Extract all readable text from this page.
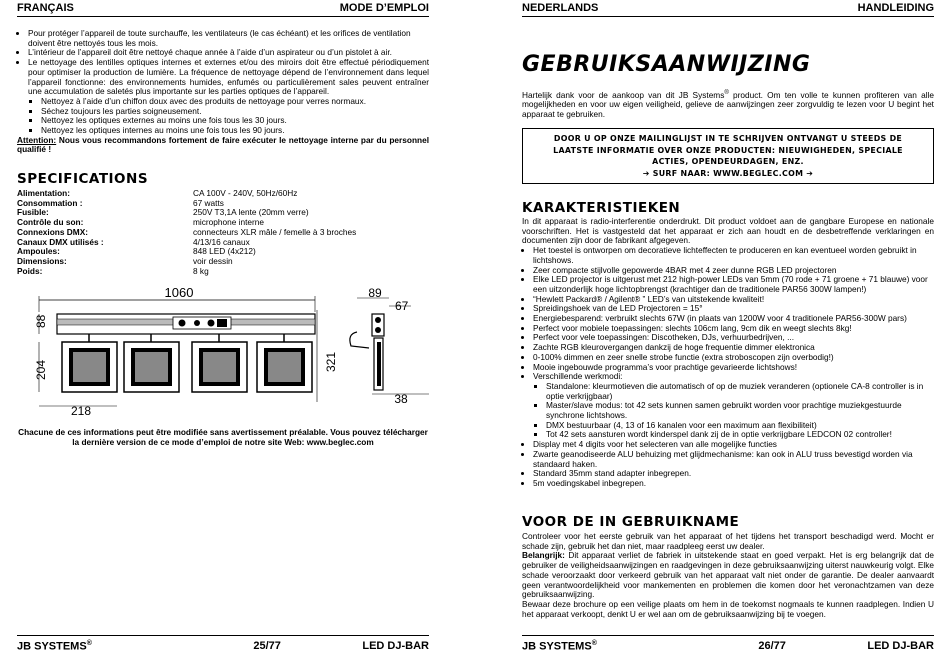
FRANÇAIS	MODE D’EMPLOI
• Pour protéger l’appareil de toute surchauffe, les ventilateurs (le cas échéant) et les orifices de ventilation doivent être nettoyés tous les mois.
• L’intérieur de l’appareil doit être nettoyé chaque année à l’aide d’un aspirateur ou d’un pistolet à air.
• Le nettoyage des lentilles optiques internes et externes et/ou des miroirs doit être effectué périodiquement pour optimiser la production de lumière. La fréquence de nettoyage dépend de l’environnement dans lequel l’appareil fonctionne: des environnements humides, enfumés ou particulièrement sales peuvent entraîner une accumulation de saletés plus importante sur les parties optiques de l’appareil.
▪ Nettoyez à l’aide d’un chiffon doux avec des produits de nettoyage pour verres normaux.
▪ Séchez toujours les parties soigneusement.
▪ Nettoyez les optiques externes au moins une fois tous les 30 jours.
▪ Nettoyez les optiques internes au moins une fois tous les 90 jours.
Attention: Nous vous recommandons fortement de faire exécuter le nettoyage interne par du personnel qualifié !
SPECIFICATIONS
Alimentation:	CA 100V - 240V, 50Hz/60Hz
Consommation :	67 watts
Fusible:	250V T3,1A lente (20mm verre)
Contrôle du son:	microphone interne
Connexions DMX:	connecteurs XLR mâle / femelle à 3 broches
Canaux DMX utilisés :	4/13/16 canaux
Ampoules:	848 LED (4x212)
Dimensions:	voir dessin
Poids:	8 kg
1060
88
204
218
321
89
67
38
Chacune de ces informations peut être modifiée sans avertissement préalable. Vous pouvez télécharger la dernière version de ce mode d’emploi de notre site Web: www.beglec.com
JB SYSTEMS®	25/77	LED DJ-BAR
NEDERLANDS	HANDLEIDING
GEBRUIKSAANWIJZING
Hartelijk dank voor de aankoop van dit JB Systems® product. Om ten volle te kunnen profiteren van alle mogelijkheden en voor uw eigen veiligheid, gelieve de aanwijzingen zeer zorgvuldig te lezen voor U begint het apparaat te gebruiken.
DOOR U OP ONZE MAILINGLIJST IN TE SCHRIJVEN ONTVANGT U STEEDS DE
LAATSTE INFORMATIE OVER ONZE PRODUCTEN: NIEUWIGHEDEN, SPECIALE
ACTIES, OPENDEURDAGEN, ENZ.
➔ SURF NAAR: WWW.BEGLEC.COM ➔
KARAKTERISTIEKEN
In dit apparaat is radio-interferentie onderdrukt. Dit product voldoet aan de gangbare Europese en nationale voorschriften. Het is vastgesteld dat het apparaat er zich aan houdt en de desbetreffende verklaringen en documenten zijn door de fabrikant afgegeven.
• Het toestel is ontworpen om decoratieve lichteffecten te produceren en kan eventueel worden gebruikt in lichtshows.
• Zeer compacte stijlvolle gepowerde 4BAR met 4 zeer dunne RGB LED projectoren
• Elke LED projector is uitgerust met 212 high-power LEDs van 5mm (70 rode + 71 groene + 71 blauwe) voor een uitzonderlijk hoge lichtopbrengst (krachtiger dan de traditionele PAR56 300W lampen!)
• “Hewlett Packard® / Agilent® ” LED’s van uitstekende kwaliteit!
• Spreidingshoek van de LED Projectoren = 15°
• Energiebesparend: verbruikt slechts 67W (in plaats van 1200W voor 4 traditionele PAR56-300W pars)
• Perfect voor mobiele toepassingen: slechts 106cm lang, 9cm dik en weegt slechts 8kg!
• Perfect voor vele toepassingen: Discotheken, DJs, verhuurbedrijven, ...
• Zachte RGB kleurovergangen dankzij de hoge frequentie dimmer elektronica
• 0-100% dimmen en zeer snelle strobe functie (extra stroboscopen zijn overbodig!)
• Mooie ingebouwde programma’s voor prachtige gevarieerde lichtshows!
• Verschillende werkmodi:
▪ Standalone: kleurmotieven die automatisch of op de muziek veranderen (optionele CA-8 controller is in optie verkrijgbaar)
▪ Master/slave modus: tot 42 sets kunnen samen gebruikt worden voor prachtige muziekgestuurde synchrone lichtshows.
▪ DMX bestuurbaar (4, 13 of 16 kanalen voor een maximum aan flexibiliteit)
▪ Tot 42 sets aansturen wordt kinderspel dank zij de in optie verkrijgbare LEDCON 02 controller!
• Display met 4 digits voor het selecteren van alle mogelijke functies
• Zwarte geanodiseerde ALU behuizing met glijdmechanisme: kan ook in ALU truss bevestigd worden via standaard haken.
• Standard 35mm stand adapter inbegrepen.
• 5m voedingskabel inbegrepen.
VOOR DE IN GEBRUIKNAME
Controleer voor het eerste gebruik van het apparaat of het tijdens het transport beschadigd werd. Mocht er schade zijn, gebruik het dan niet, maar raadpleeg eerst uw dealer.
Belangrijk: Dit apparaat verliet de fabriek in uitstekende staat en goed verpakt. Het is erg belangrijk dat de gebruiker de veiligheidsaanwijzingen en raadgevingen in deze gebruiksaanwijzing uiterst nauwkeurig volgt. Elke schade veroorzaakt door verkeerd gebruik van het apparaat valt niet onder de garantie. De dealer aanvaardt geen verantwoordelijkheid voor mankementen en problemen die komen door het veronachtzamen van deze gebruiksaanwijzing.
Bewaar deze brochure op een veilige plaats om hem in de toekomst nogmaals te kunnen raadplegen. Indien U het apparaat verkoopt, denkt U er wel aan om de gebruiksaanwijzing bij te voegen.
JB SYSTEMS®	26/77	LED DJ-BAR
